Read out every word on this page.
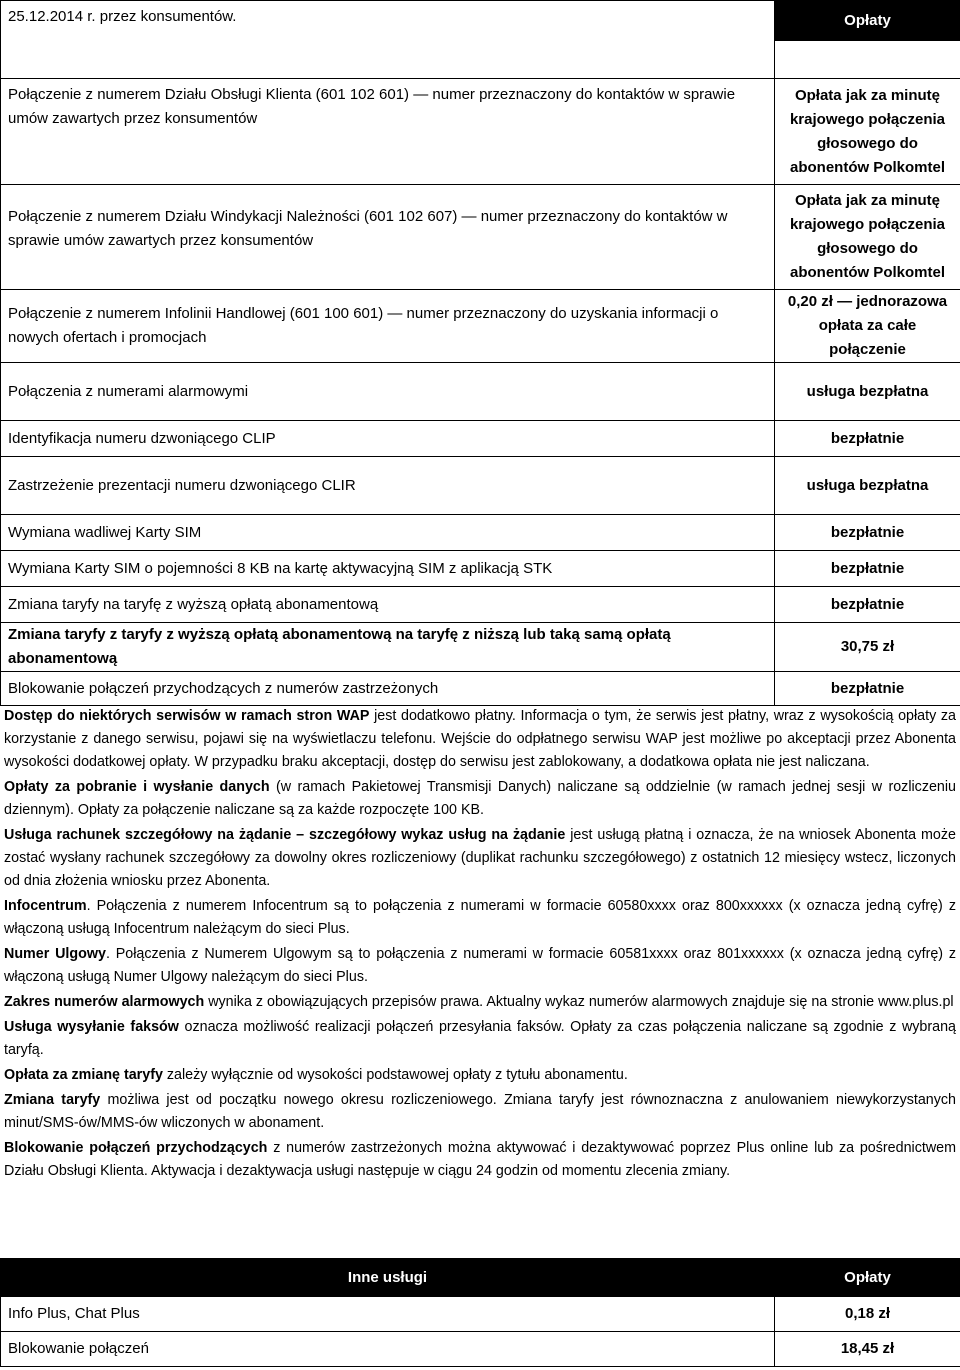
25.12.2014 r. przez konsumentów.	Opłaty

Połączenie z numerem Działu Obsługi Klienta (601 102 601) ― numer przeznaczony do kontaktów w sprawie umów zawartych przez konsumentów	Opłata jak za minutę krajowego połączenia głosowego do abonentów Polkomtel
Połączenie z numerem Działu Windykacji Należności (601 102 607) ― numer przeznaczony do kontaktów w sprawie umów zawartych przez konsumentów	Opłata jak za minutę krajowego połączenia głosowego do abonentów Polkomtel
Połączenie z numerem Infolinii Handlowej (601 100 601) ― numer przeznaczony do uzyskania informacji o nowych ofertach i promocjach	0,20 zł ― jednorazowa opłata za całe połączenie
Połączenia z numerami alarmowymi	usługa bezpłatna
Identyfikacja numeru dzwoniącego CLIP	bezpłatnie
Zastrzeżenie prezentacji numeru dzwoniącego CLIR	usługa bezpłatna
Wymiana wadliwej Karty SIM	bezpłatnie
Wymiana Karty SIM o pojemności 8 KB na kartę aktywacyjną SIM z aplikacją STK	bezpłatnie
Zmiana taryfy na taryfę z wyższą opłatą abonamentową	bezpłatnie
Zmiana taryfy z taryfy z wyższą opłatą abonamentową na taryfę z niższą lub taką samą opłatą abonamentową	30,75 zł
Blokowanie połączeń przychodzących z numerów zastrzeżonych	bezpłatnie

Dostęp do niektórych serwisów w ramach stron WAP jest dodatkowo płatny. Informacja o tym, że serwis jest płatny, wraz z wysokością opłaty za korzystanie z danego serwisu, pojawi się na wyświetlaczu telefonu. Wejście do odpłatnego serwisu WAP jest możliwe po akceptacji przez Abonenta wysokości dodatkowej opłaty. W przypadku braku akceptacji, dostęp do serwisu jest zablokowany, a dodatkowa opłata nie jest naliczana.

Opłaty za pobranie i wysłanie danych (w ramach Pakietowej Transmisji Danych) naliczane są oddzielnie (w ramach jednej sesji w rozliczeniu dziennym). Opłaty za połączenie naliczane są za każde rozpoczęte 100 KB.

Usługa rachunek szczegółowy na żądanie – szczegółowy wykaz usług na żądanie jest usługą płatną i oznacza, że na wniosek Abonenta może zostać wysłany rachunek szczegółowy za dowolny okres rozliczeniowy (duplikat rachunku szczegółowego) z ostatnich 12 miesięcy wstecz, liczonych od dnia złożenia wniosku przez Abonenta.

Infocentrum. Połączenia z numerem Infocentrum są to połączenia z numerami w formacie 60580xxxx oraz 800xxxxxx (x oznacza jedną cyfrę) z włączoną usługą Infocentrum należącym do sieci Plus.

Numer Ulgowy. Połączenia z Numerem Ulgowym są to połączenia z numerami w formacie 60581xxxx oraz 801xxxxxx (x oznacza jedną cyfrę) z włączoną usługą Numer Ulgowy należącym do sieci Plus.

Zakres numerów alarmowych wynika z obowiązujących przepisów prawa. Aktualny wykaz numerów alarmowych znajduje się na stronie www.plus.pl

Usługa wysyłanie faksów oznacza możliwość realizacji połączeń przesyłania faksów. Opłaty za czas połączenia naliczane są zgodnie z wybraną taryfą.

Opłata za zmianę taryfy zależy wyłącznie od wysokości podstawowej opłaty z tytułu abonamentu.

Zmiana taryfy możliwa jest od początku nowego okresu rozliczeniowego. Zmiana taryfy jest równoznaczna z anulowaniem niewykorzystanych minut/SMS-ów/MMS-ów wliczonych w abonament.

Blokowanie połączeń przychodzących z numerów zastrzeżonych można aktywować i dezaktywować poprzez Plus online lub za pośrednictwem Działu Obsługi Klienta. Aktywacja i dezaktywacja usługi następuje w ciągu 24 godzin od momentu zlecenia zmiany.

Inne usługi	Opłaty
Info Plus, Chat Plus	0,18 zł
Blokowanie połączeń	18,45 zł
